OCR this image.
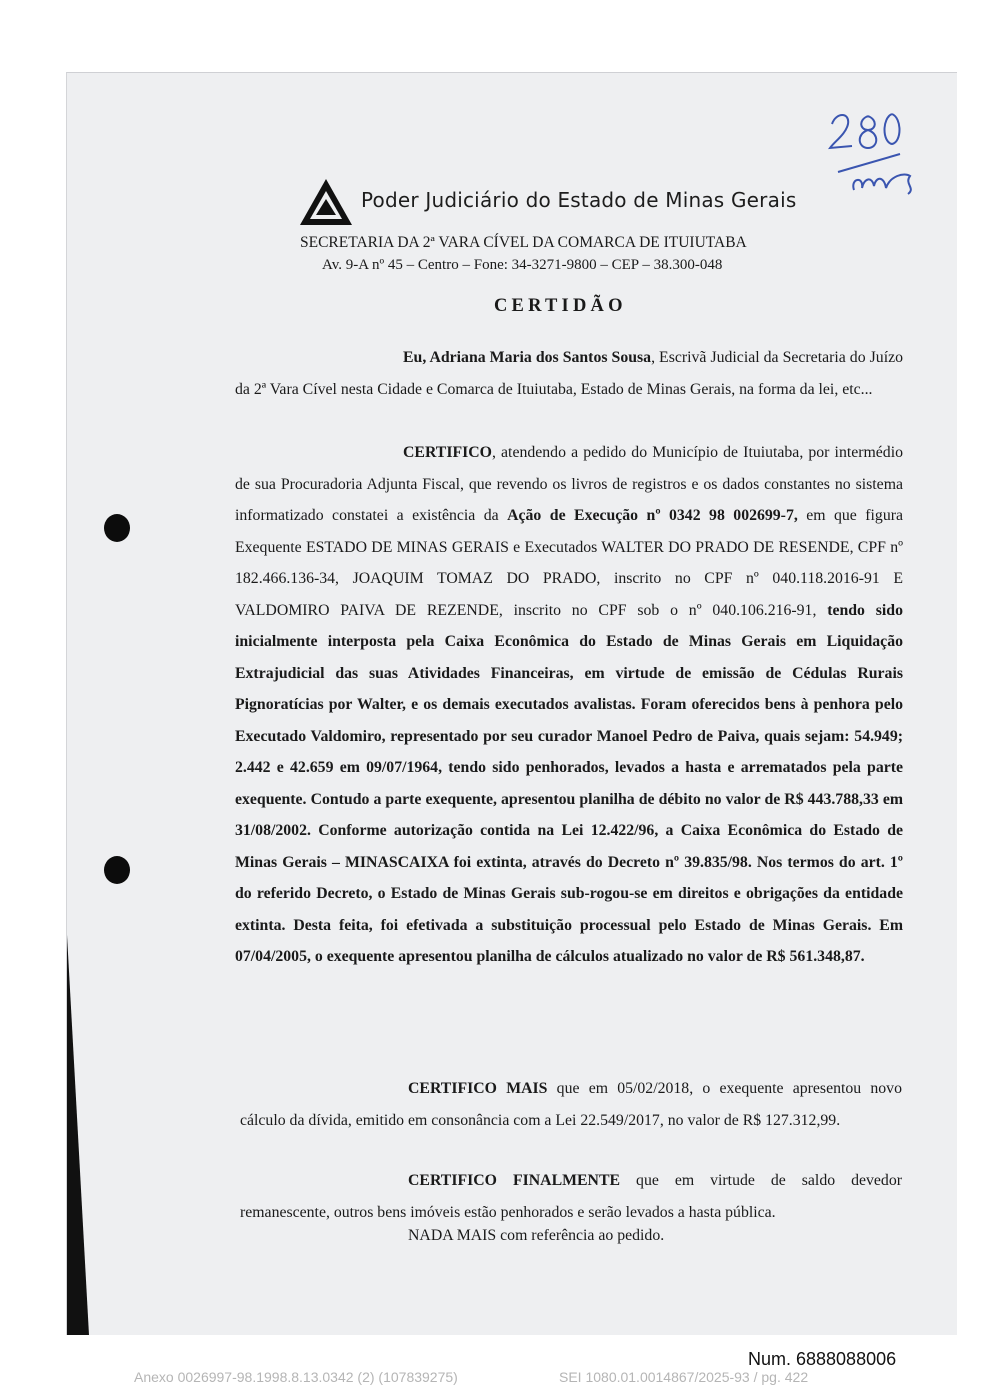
Poder Judiciário do Estado de Minas Gerais
SECRETARIA DA 2ª VARA CÍVEL DA COMARCA DE ITUIUTABA
Av. 9-A nº 45 – Centro – Fone: 34-3271-9800 – CEP – 38.300-048
CERTIDÃO

Eu, Adriana Maria dos Santos Sousa, Escrivã Judicial da Secretaria do Juízo da 2ª Vara Cível nesta Cidade e Comarca de Ituiutaba, Estado de Minas Gerais, na forma da lei, etc...

CERTIFICO, atendendo a pedido do Município de Ituiutaba, por intermédio de sua Procuradoria Adjunta Fiscal, que revendo os livros de registros e os dados constantes no sistema informatizado constatei a existência da Ação de Execução nº 0342 98 002699-7, em que figura Exequente ESTADO DE MINAS GERAIS e Executados WALTER DO PRADO DE RESENDE, CPF nº 182.466.136-34, JOAQUIM TOMAZ DO PRADO, inscrito no CPF nº 040.118.2016-91 E VALDOMIRO PAIVA DE REZENDE, inscrito no CPF sob o nº 040.106.216-91, tendo sido inicialmente interposta pela Caixa Econômica do Estado de Minas Gerais em Liquidação Extrajudicial das suas Atividades Financeiras, em virtude de emissão de Cédulas Rurais Pignoratícias por Walter, e os demais executados avalistas. Foram oferecidos bens à penhora pelo Executado Valdomiro, representado por seu curador Manoel Pedro de Paiva, quais sejam: 54.949; 2.442 e 42.659 em 09/07/1964, tendo sido penhorados, levados a hasta e arrematados pela parte exequente. Contudo a parte exequente, apresentou planilha de débito no valor de R$ 443.788,33 em 31/08/2002. Conforme autorização contida na Lei 12.422/96, a Caixa Econômica do Estado de Minas Gerais – MINASCAIXA foi extinta, através do Decreto nº 39.835/98. Nos termos do art. 1º do referido Decreto, o Estado de Minas Gerais sub-rogou-se em direitos e obrigações da entidade extinta. Desta feita, foi efetivada a substituição processual pelo Estado de Minas Gerais. Em 07/04/2005, o exequente apresentou planilha de cálculos atualizado no valor de R$ 561.348,87.

CERTIFICO MAIS que em 05/02/2018, o exequente apresentou novo cálculo da dívida, emitido em consonância com a Lei 22.549/2017, no valor de R$ 127.312,99.

CERTIFICO FINALMENTE que em virtude de saldo devedor remanescente, outros bens imóveis estão penhorados e serão levados a hasta pública.

NADA MAIS com referência ao pedido.
Num. 6888088006
Anexo 0026997-98.1998.8.13.0342 (2) (107839275)	SEI 1080.01.0014867/2025-93 / pg. 422
